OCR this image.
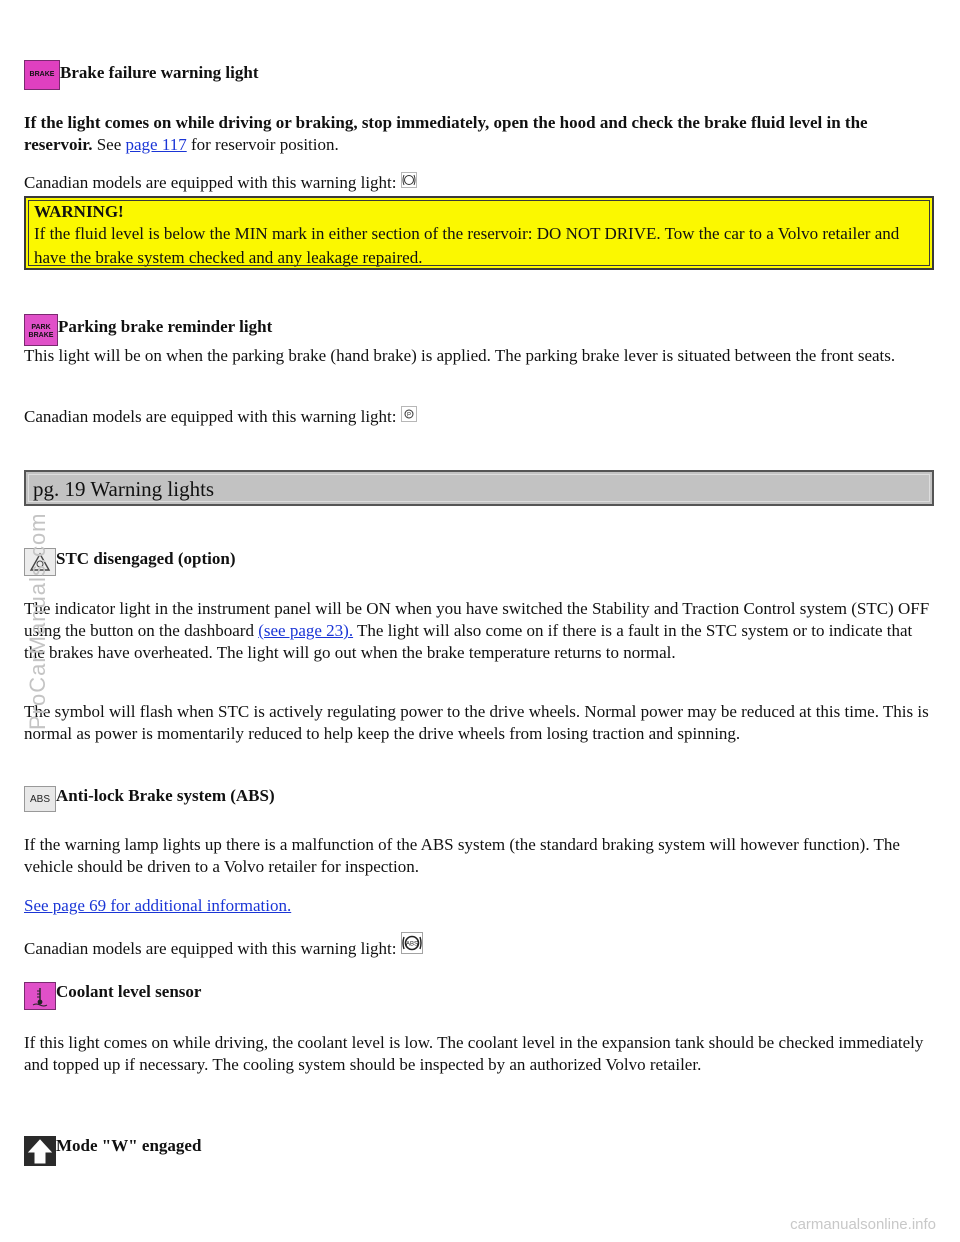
BRAKE Brake failure warning light

If the light comes on while driving or braking, stop immediately, open the hood and check the brake fluid level in the reservoir. See page 117 for reservoir position.

Canadian models are equipped with this warning light:

WARNING!
If the fluid level is below the MIN mark in either section of the reservoir: DO NOT DRIVE. Tow the car to a Volvo retailer and have the brake system checked and any leakage repaired.
PARK
BRAKE Parking brake reminder light

This light will be on when the parking brake (hand brake) is applied. The parking brake lever is situated between the front seats.

Canadian models are equipped with this warning light: P

pg. 19 Warning lights
STC disengaged (option)

The indicator light in the instrument panel will be ON when you have switched the Stability and Traction Control system (STC) OFF using the button on the dashboard (see page 23). The light will also come on if there is a fault in the STC system or to indicate that the brakes have overheated. The light will go out when the brake temperature returns to normal.

The symbol will flash when STC is actively regulating power to the drive wheels. Normal power may be reduced at this time. This is normal as power is momentarily reduced to help keep the drive wheels from losing traction and spinning.

ABS Anti-lock Brake system (ABS)

If the warning lamp lights up there is a malfunction of the ABS system (the standard braking system will however function). The vehicle should be driven to a Volvo retailer for inspection.

See page 69 for additional information.

Canadian models are equipped with this warning light: ABS

Coolant level sensor

If this light comes on while driving, the coolant level is low. The coolant level in the expansion tank should be checked immediately and topped up if necessary. The cooling system should be inspected by an authorized Volvo retailer.

Mode "W" engaged
ProCarManuals.com
carmanualsonline.info
